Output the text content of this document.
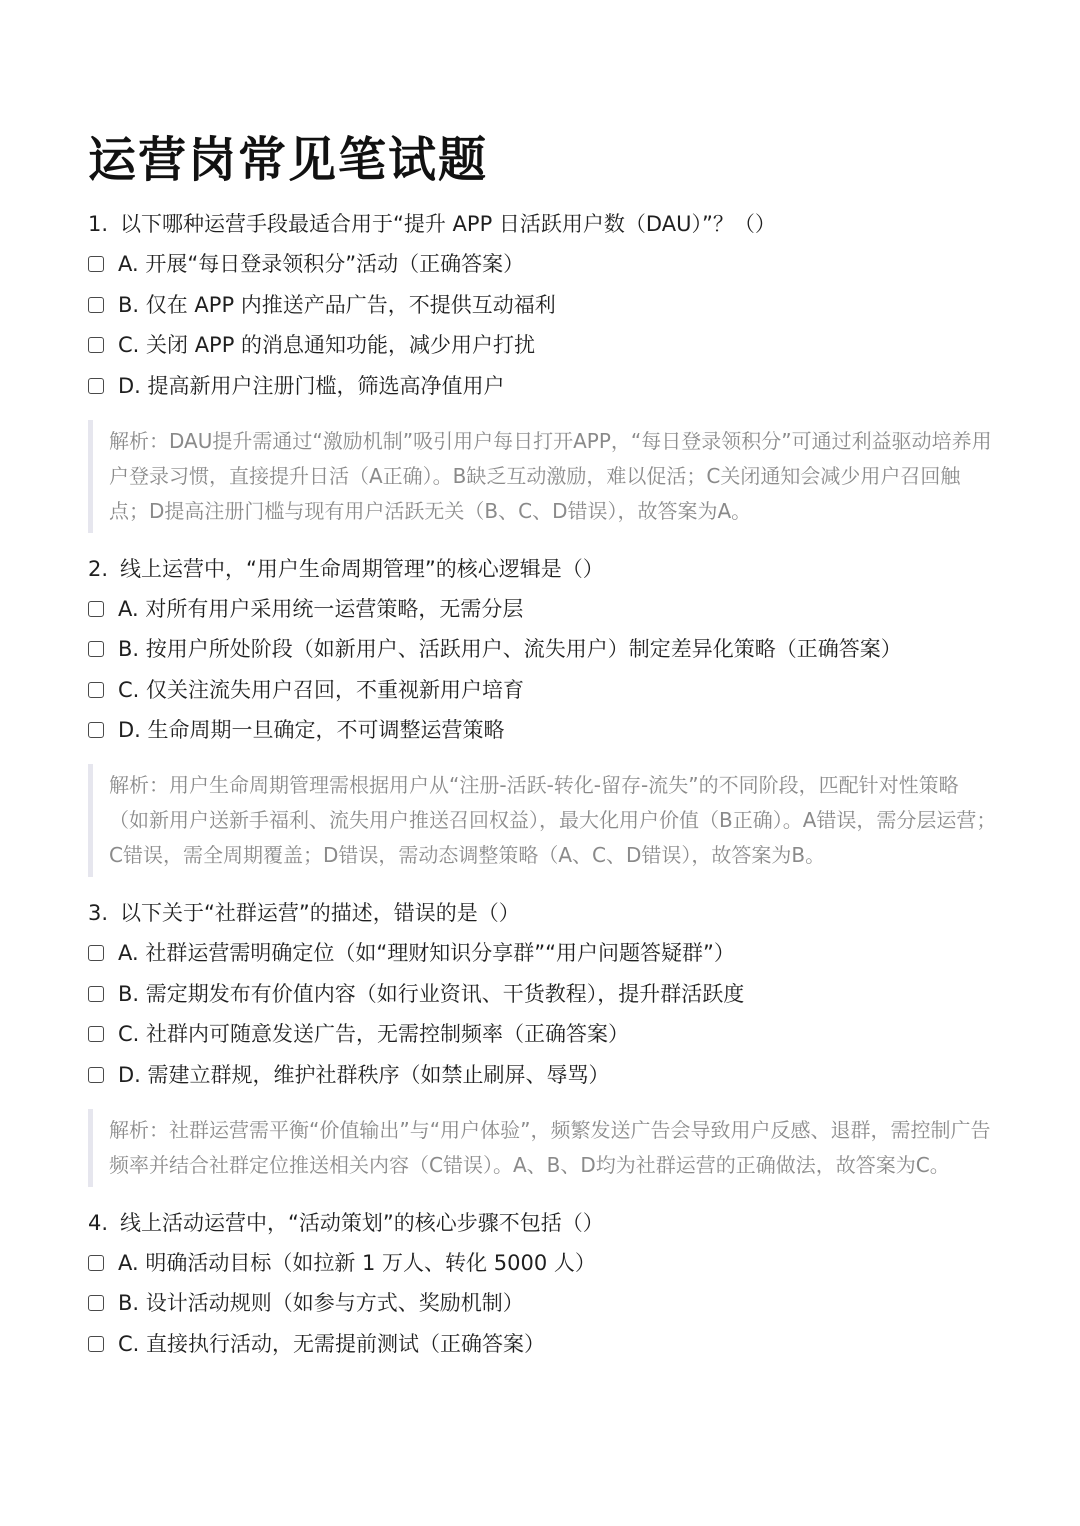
运营岗常见笔试题

1. 以下哪种运营手段最适合用于“提升 APP 日活跃用户数（DAU）”？（）

A. 开展“每日登录领积分”活动（正确答案）
B. 仅在 APP 内推送产品广告，不提供互动福利
C. 关闭 APP 的消息通知功能，减少用户打扰
D. 提高新用户注册门槛，筛选高净值用户
解析：DAU提升需通过“激励机制”吸引用户每日打开APP，“每日登录领积分”可通过利益驱动培养用户登录习惯，直接提升日活（A正确）。B缺乏互动激励，难以促活；C关闭通知会减少用户召回触点；D提高注册门槛与现有用户活跃无关（B、C、D错误），故答案为A。

2. 线上运营中，“用户生命周期管理”的核心逻辑是（）

A. 对所有用户采用统一运营策略，无需分层
B. 按用户所处阶段（如新用户、活跃用户、流失用户）制定差异化策略（正确答案）
C. 仅关注流失用户召回，不重视新用户培育
D. 生命周期一旦确定，不可调整运营策略
解析：用户生命周期管理需根据用户从“注册-活跃-转化-留存-流失”的不同阶段，匹配针对性策略（如新用户送新手福利、流失用户推送召回权益），最大化用户价值（B正确）。A错误，需分层运营；C错误，需全周期覆盖；D错误，需动态调整策略（A、C、D错误），故答案为B。

3. 以下关于“社群运营”的描述，错误的是（）

A. 社群运营需明确定位（如“理财知识分享群”“用户问题答疑群”）
B. 需定期发布有价值内容（如行业资讯、干货教程），提升群活跃度
C. 社群内可随意发送广告，无需控制频率（正确答案）
D. 需建立群规，维护社群秩序（如禁止刷屏、辱骂）
解析：社群运营需平衡“价值输出”与“用户体验”，频繁发送广告会导致用户反感、退群，需控制广告频率并结合社群定位推送相关内容（C错误）。A、B、D均为社群运营的正确做法，故答案为C。

4. 线上活动运营中，“活动策划”的核心步骤不包括（）

A. 明确活动目标（如拉新 1 万人、转化 5000 人）
B. 设计活动规则（如参与方式、奖励机制）
C. 直接执行活动，无需提前测试（正确答案）
